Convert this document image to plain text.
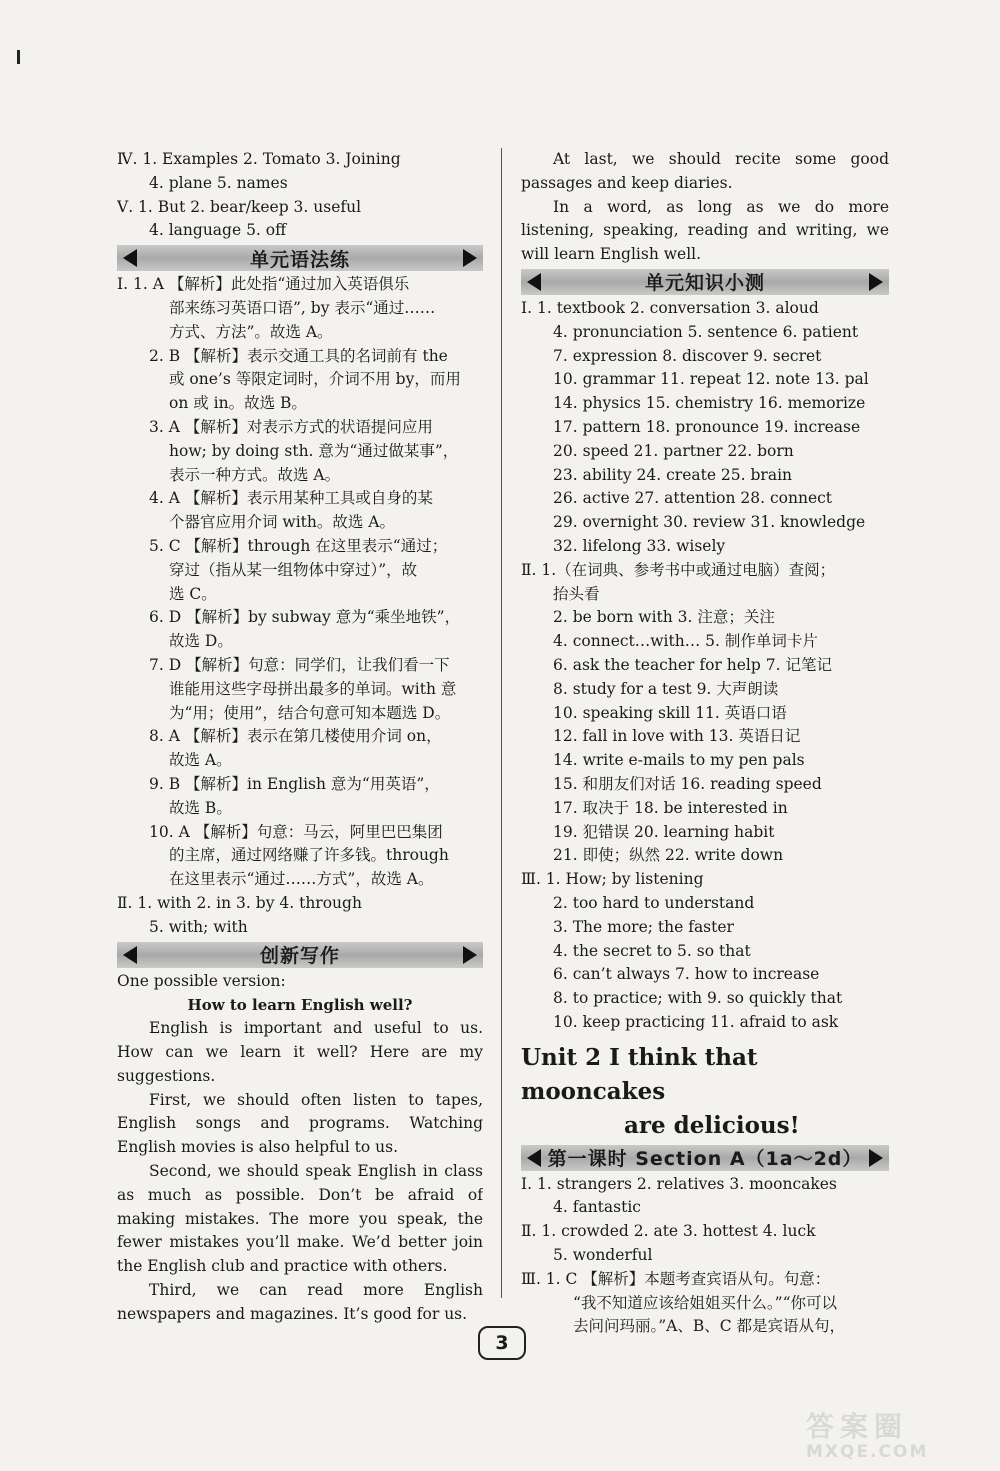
Ⅳ. 1. Examples 2. Tomato 3. Joining
4. plane 5. names
Ⅴ. 1. But 2. bear/keep 3. useful
4. language 5. off
单元语法练
Ⅰ. 1. A 【解析】此处指“通过加入英语俱乐
部来练习英语口语”, by 表示“通过……
方式、方法”。故选 A。
2. B 【解析】表示交通工具的名词前有 the
或 one’s 等限定词时，介词不用 by，而用
on 或 in。故选 B。
3. A 【解析】对表示方式的状语提问应用
how; by doing sth. 意为“通过做某事”，
表示一种方式。故选 A。
4. A 【解析】表示用某种工具或自身的某
个器官应用介词 with。故选 A。
5. C 【解析】through 在这里表示“通过；
穿过（指从某一组物体中穿过）”，故
选 C。
6. D 【解析】by subway 意为“乘坐地铁”，
故选 D。
7. D 【解析】句意：同学们，让我们看一下
谁能用这些字母拼出最多的单词。with 意
为“用；使用”，结合句意可知本题选 D。
8. A 【解析】表示在第几楼使用介词 on，
故选 A。
9. B 【解析】in English 意为“用英语”，
故选 B。
10. A 【解析】句意：马云，阿里巴巴集团
的主席，通过网络赚了许多钱。through
在这里表示“通过……方式”，故选 A。
Ⅱ. 1. with 2. in 3. by 4. through
5. with; with
创新写作
One possible version:
How to learn English well?
English is important and useful to us. How can we learn it well? Here are my suggestions.
First, we should often listen to tapes, English songs and programs. Watching English movies is also helpful to us.
Second, we should speak English in class as much as possible. Don’t be afraid of making mistakes. The more you speak, the fewer mistakes you’ll make. We’d better join the English club and practice with others.
Third, we can read more English newspapers and magazines. It’s good for us.
At last, we should recite some good passages and keep diaries.
In a word, as long as we do more listening, speaking, reading and writing, we will learn English well.
单元知识小测
Ⅰ. 1. textbook 2. conversation 3. aloud
4. pronunciation 5. sentence 6. patient
7. expression 8. discover 9. secret
10. grammar 11. repeat 12. note 13. pal
14. physics 15. chemistry 16. memorize
17. pattern 18. pronounce 19. increase
20. speed 21. partner 22. born
23. ability 24. create 25. brain
26. active 27. attention 28. connect
29. overnight 30. review 31. knowledge
32. lifelong 33. wisely
Ⅱ. 1.（在词典、参考书中或通过电脑）查阅；
抬头看
2. be born with 3. 注意；关注
4. connect…with… 5. 制作单词卡片
6. ask the teacher for help 7. 记笔记
8. study for a test 9. 大声朗读
10. speaking skill 11. 英语口语
12. fall in love with 13. 英语日记
14. write e-mails to my pen pals
15. 和朋友们对话 16. reading speed
17. 取决于 18. be interested in
19. 犯错误 20. learning habit
21. 即使；纵然 22. write down
Ⅲ. 1. How; by listening
2. too hard to understand
3. The more; the faster
4. the secret to 5. so that
6. can’t always 7. how to increase
8. to practice; with 9. so quickly that
10. keep practicing 11. afraid to ask
Unit 2 I think that mooncakes
are delicious!
第一课时 Section A（1a～2d）
Ⅰ. 1. strangers 2. relatives 3. mooncakes
4. fantastic
Ⅱ. 1. crowded 2. ate 3. hottest 4. luck
5. wonderful
Ⅲ. 1. C 【解析】本题考查宾语从句。句意：
“我不知道应该给姐姐买什么。”“你可以
去问问玛丽。”A、B、C 都是宾语从句，
3
答案圈
MXQE.COM
